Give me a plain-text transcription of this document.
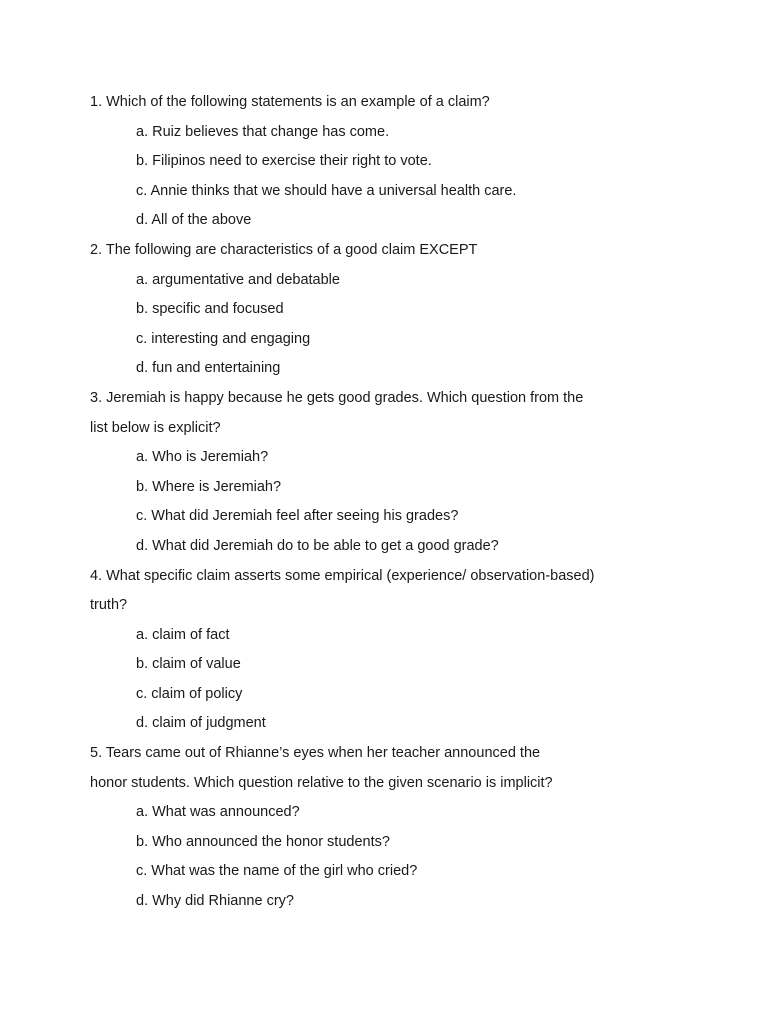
1. Which of the following statements is an example of a claim?
a. Ruiz believes that change has come.
b. Filipinos need to exercise their right to vote.
c. Annie thinks that we should have a universal health care.
d. All of the above
2. The following are characteristics of a good claim EXCEPT
a. argumentative and debatable
b. specific and focused
c. interesting and engaging
d. fun and entertaining
3. Jeremiah is happy because he gets good grades. Which question from the
list below is explicit?
a. Who is Jeremiah?
b. Where is Jeremiah?
c. What did Jeremiah feel after seeing his grades?
d. What did Jeremiah do to be able to get a good grade?
4. What specific claim asserts some empirical (experience/ observation-based)
truth?
a. claim of fact
b. claim of value
c. claim of policy
d. claim of judgment
5. Tears came out of Rhianne’s eyes when her teacher announced the
honor students. Which question relative to the given scenario is implicit?
a. What was announced?
b. Who announced the honor students?
c. What was the name of the girl who cried?
d. Why did Rhianne cry?
